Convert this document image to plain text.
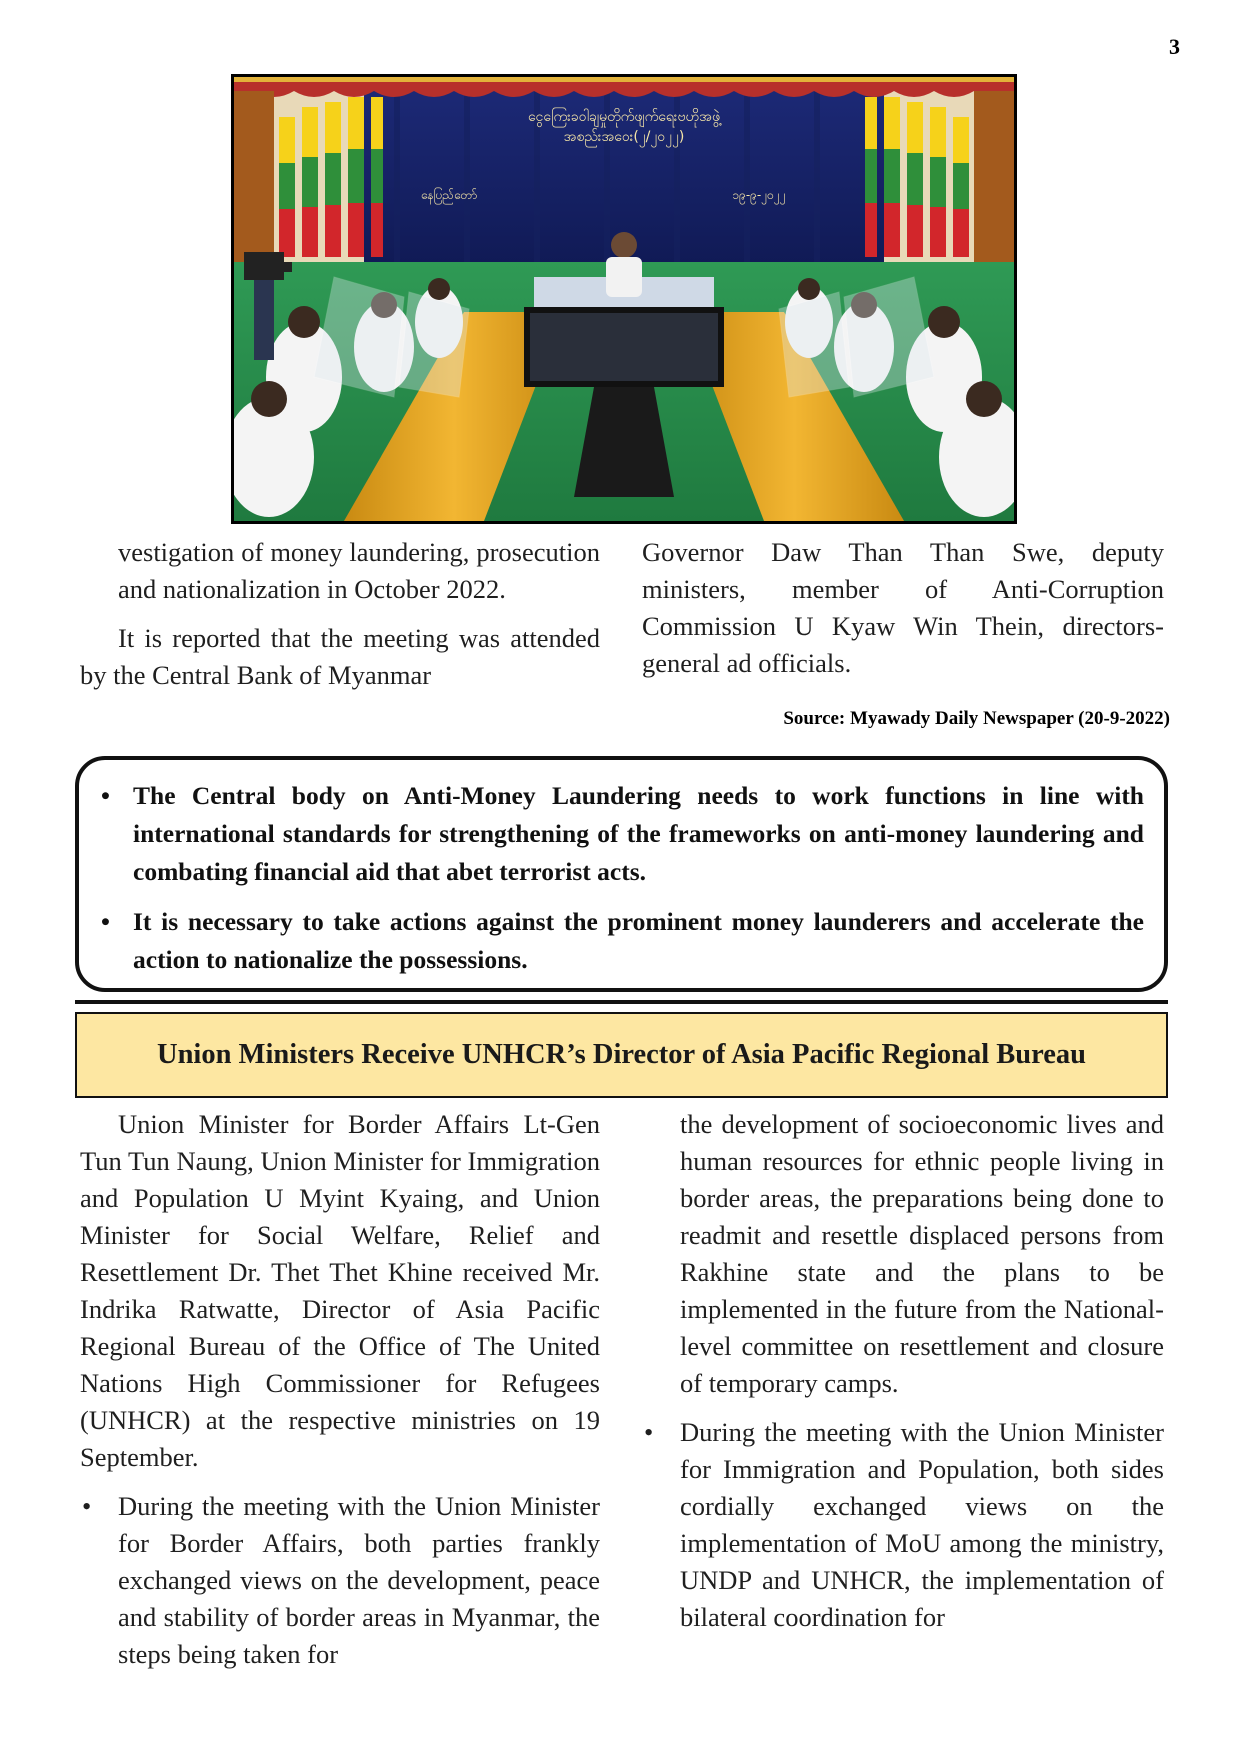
3
ငွေကြေးခဝါချမှုတိုက်ဖျက်ရေးဗဟိုအဖွဲ့
အစည်းအဝေး(၂/၂၀၂၂)
နေပြည်တော်	၁၉-၉-၂၀၂၂

vestigation of money laundering, prosecution and nationalization in October 2022.

It is reported that the meeting was attended by the Central Bank of Myanmar

Governor Daw Than Than Swe, deputy ministers, member of Anti-Corruption Commission U Kyaw Win Thein, directors-general ad officials.

Source: Myawady Daily Newspaper (20-9-2022)
• The Central body on Anti-Money Laundering needs to work functions in line with international standards for strengthening of the frameworks on anti-money laundering and combating financial aid that abet terrorist acts.
• It is necessary to take actions against the prominent money launderers and accelerate the action to nationalize the possessions.
Union Ministers Receive UNHCR’s Director of Asia Pacific Regional Bureau

Union Minister for Border Affairs Lt-Gen Tun Tun Naung, Union Minister for Immigration and Population U Myint Kyaing, and Union Minister for Social Welfare, Relief and Resettlement Dr. Thet Thet Khine received Mr. Indrika Ratwatte, Director of Asia Pacific Regional Bureau of the Office of The United Nations High Commissioner for Refugees (UNHCR) at the respective ministries on 19 September.

• During the meeting with the Union Minister for Border Affairs, both parties frankly exchanged views on the development, peace and stability of border areas in Myanmar, the steps being taken for

the development of socioeconomic lives and human resources for ethnic people living in border areas, the preparations being done to readmit and resettle displaced persons from Rakhine state and the plans to be implemented in the future from the National-level committee on resettlement and closure of temporary camps.

• During the meeting with the Union Minister for Immigration and Population, both sides cordially exchanged views on the implementation of MoU among the ministry, UNDP and UNHCR, the implementation of bilateral coordination for
